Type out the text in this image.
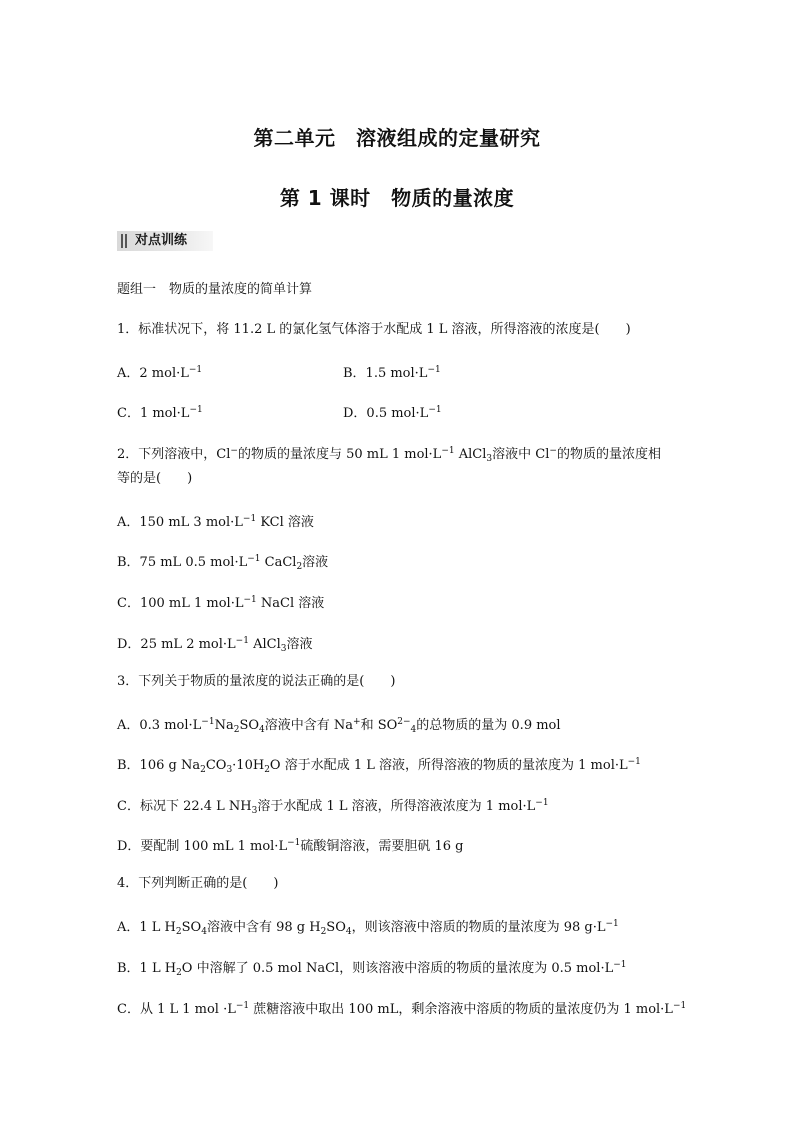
第二单元　溶液组成的定量研究
第 1 课时　物质的量浓度
对点训练
题组一　物质的量浓度的简单计算
1．标准状况下，将 11.2 L 的氯化氢气体溶于水配成 1 L 溶液，所得溶液的浓度是(　　)
A．2 $mol\cdot L^{-1}$	B．1.5 $mol\cdot L^{-1}$
C．1 $mol\cdot L^{-1}$	D．0.5 $mol\cdot L^{-1}$
2．下列溶液中，Cl−的物质的量浓度与 50 mL 1 $mol\cdot L^{-1}$ AlCl$_3$溶液中 Cl−的物质的量浓度相
等的是(　　)
A．150 mL 3 $mol\cdot L^{-1}$ KCl 溶液
B．75 mL 0.5 $mol\cdot L^{-1}$ CaCl$_2$溶液
C．100 mL 1 $mol\cdot L^{-1}$ NaCl 溶液
D．25 mL 2 $mol\cdot L^{-1}$ AlCl$_3$溶液
3．下列关于物质的量浓度的说法正确的是(　　)
A．0.3 $mol\cdot L^{-1}Na_2SO_4$溶液中含有 Na+和 $SO^{2-}_4$的总物质的量为 0.9 mol
B．106 g $Na_2CO_3\cdot 10H_2O$ 溶于水配成 1 L 溶液，所得溶液的物质的量浓度为 1 $mol\cdot L^{-1}$
C．标况下 22.4 L $NH_3$溶于水配成 1 L 溶液，所得溶液浓度为 1 $mol\cdot L^{-1}$
D．要配制 100 mL 1 $mol\cdot L^{-1}$硫酸铜溶液，需要胆矾 16 g
4．下列判断正确的是(　　)
A．1 L $H_2SO_4$溶液中含有 98 g $H_2SO_4$，则该溶液中溶质的物质的量浓度为 98 $g\cdot L^{-1}$
B．1 L $H_2O$ 中溶解了 0.5 mol NaCl，则该溶液中溶质的物质的量浓度为 0.5 $mol\cdot L^{-1}$
C．从 1 L 1 mol $\cdot L^{-1}$ 蔗糖溶液中取出 100 mL，剩余溶液中溶质的物质的量浓度仍为 1 $mol\cdot L^{-1}$
